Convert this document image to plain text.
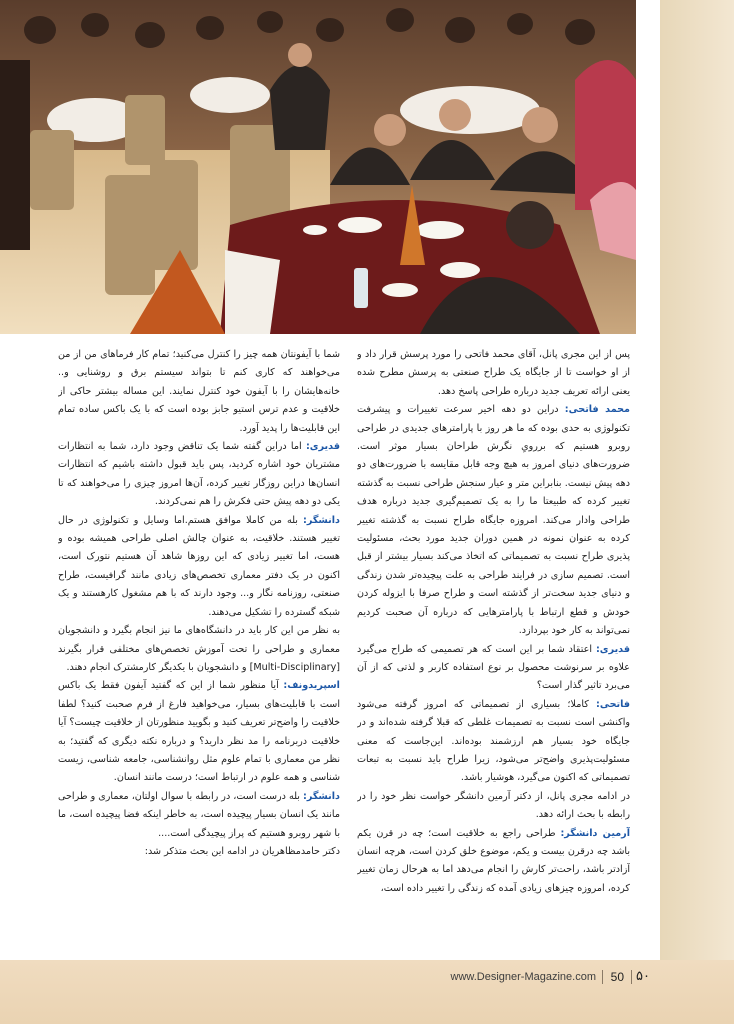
پس از این مجری پانل، آقای محمد فاتحی را مورد پرسش قرار داد و از او خواست تا از جایگاه یک طراح صنعتی به پرسش مطرح شده یعنی ارائه تعریف جدید درباره طراحی پاسخ دهد.

محمد فاتحی: دراین دو دهه اخیر سرعت تغییرات و پیشرفت تکنولوژی به حدی بوده که ما هر روز با پارامترهای جدیدی در طراحی روبرو هستیم که بررویِ نگرش طراحان بسیار موثر است. ضرورت‌های دنیای امروز به هیچ وجه قابل مقایسه با ضرورت‌های دو دهه پیش نیست. بنابراین متر و عیار سنجش طراحی نسبت به گذشته تغییر کرده که طبیعتا ما را به یک تصمیم‌گیری جدید درباره هدف طراحی وادار می‌کند. امروزه جایگاه طراح نسبت به گذشته تغییر کرده به عنوان نمونه در همین دوران جدید مورد بحث، مسئولیت پذیری طراح نسبت به تصمیماتی که اتخاذ می‌کند بسیار بیشتر از قبل است. تصمیم سازی در فرایند طراحی به علت پیچیده‌تر شدن زندگی و دنیای جدید سخت‌تر از گذشته است و طراح صرفا با ایزوله کردن خودش و قطع ارتباط با پارامترهایی که درباره آن صحبت کردیم نمی‌تواند به کار خود بپردازد.

قدیری: اعتقاد شما بر این است که هر تصمیمی که طراح می‌گیرد علاوه بر سرنوشت محصول بر نوع استفاده کاربر و لذتی که از آن می‌برد تاثیر گذار است؟

فاتحی: کاملا؛ بسیاری از تصمیماتی که امروز گرفته می‌شود واکنشی است نسبت به تصمیمات غلطی که قبلا گرفته شده‌اند و در جایگاه خود بسیار هم ارزشمند بوده‌اند. این‌جاست که معنی مسئولیت‌پذیری واضح‌تر می‌شود، زیرا طراح باید نسبت به تبعات تصمیماتی که اکنون می‌گیرد، هوشیار باشد.

در ادامه مجری پانل، از دکتر آرمین دانشگر خواست نظر خود را در رابطه با بحث ارائه دهد.

آرمین دانشگر: طراحی راجع به خلاقیت است؛ چه در قرن یکم باشد چه درقرن بیست و یکم، موضوع خلق کردن است، هرچه انسان آزادتر باشد، راحت‌تر کارش را انجام می‌دهد اما به هرحال زمان تغییر کرده، امروزه چیزهای زیادی آمده که زندگی را تغییر داده است،

شما با آیفونتان همه چیز را کنترل می‌کنید؛ تمام کار فرماهای من از من می‌خواهند که کاری کنم تا بتواند سیستم برق و روشنایی و.. خانه‌هایشان را با آیفون خود کنترل نمایند. این مساله بیشتر حاکی از خلاقیت و عدم ترس استیو جابز بوده است که با یک باکس ساده تمام این قابلیت‌ها را پدید آورد.

قدیری: اما دراین گفته شما یک تناقض وجود دارد، شما به انتظارات مشتریان خود اشاره کردید، پس باید قبول داشته باشیم که انتظارات انسان‌ها دراین روزگار تغییر کرده، آن‌ها امروز چیزی را می‌خواهند که تا یکی دو دهه پیش حتی فکرش را هم نمی‌کردند.

دانشگر: بله من کاملا موافق هستم.اما وسایل و تکنولوژی در حال تغییر هستند. خلاقیت، به عنوان چالش اصلی طراحی همیشه بوده و هست، اما تغییر زیادی که این روزها شاهد آن هستیم نتورک است، اکنون در یک دفتر معماری تخصص‌های زیادی مانند گرافیست، طراح صنعتی، روزنامه نگار و... وجود دارند که با هم مشغول کارهستند و یک شبکه گسترده را تشکیل می‌دهند.

به نظر من این کار باید در دانشگاه‌های ما نیز انجام بگیرد و دانشجویان معماری و طراحی را تحت آموزش تخصص‌های مختلفی قرار بگیرند [Multi-Disciplinary] و دانشجویان با یکدیگر کارمشترک انجام دهند.

اسپریدونف: آیا منظور شما از این که گفتید آیفون فقط یک باکس است با قابلیت‌های بسیار، می‌خواهید فارغ از فرم صحبت کنید؟ لطفا خلاقیت را واضح‌تر تعریف کنید و بگویید منظورتان از خلاقیت چیست؟ آیا خلاقیت دربرنامه را مد نظر دارید؟ و درباره نکته دیگری که گفتید؛ به نظر من معماری با تمام علوم مثل روانشناسی، جامعه شناسی، زیست شناسی و همه علوم در ارتباط است؛ درست مانند انسان.

دانشگر: بله درست است، در رابطه با سوال اولتان، معماری و طراحی مانند یک انسان بسیار پیچیده است، به خاطر اینکه فضا پیچیده است، ما با شهر روبرو هستیم که پراز پیچیدگی است....

دکتر حامدمظاهریان در ادامه این بحث متذکر شد:

www.Designer-Magazine.com 50 ۵۰
